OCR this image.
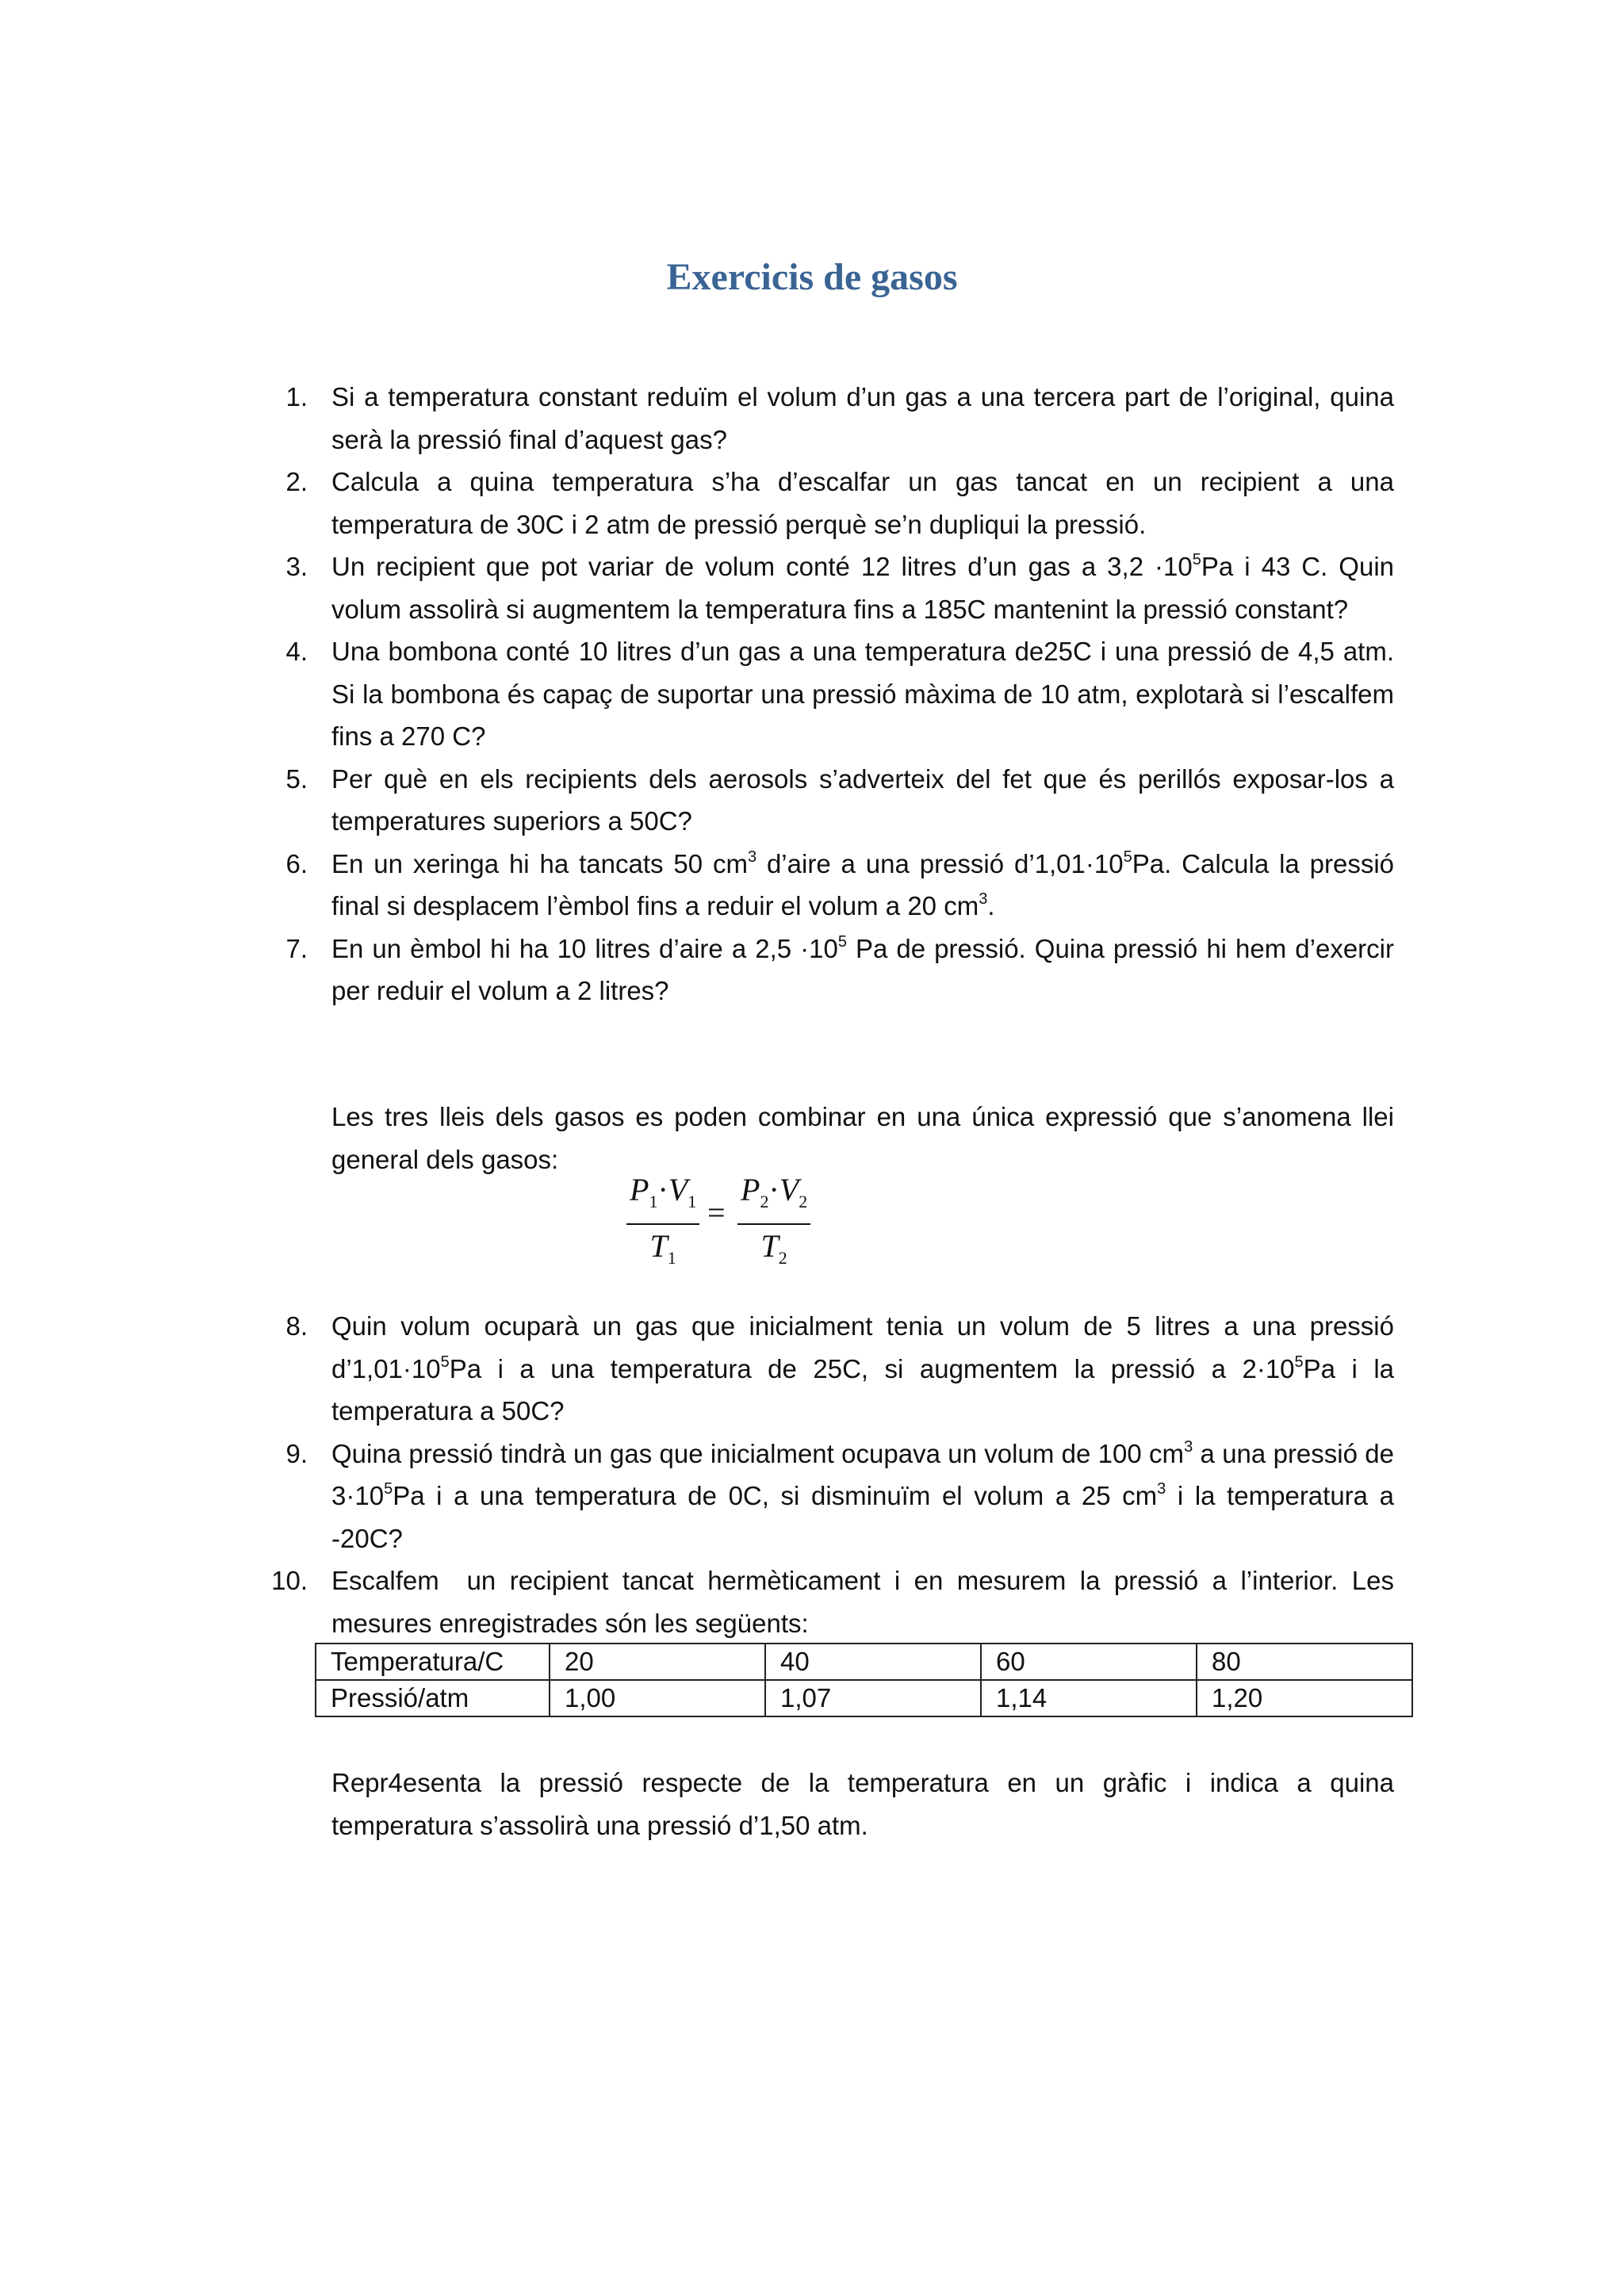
Exercicis de gasos
1. Si a temperatura constant reduïm el volum d’un gas a una tercera part de l’original, quina serà la pressió final d’aquest gas?
2. Calcula a quina temperatura s’ha d’escalfar un gas tancat en un recipient a una temperatura de 30C i 2 atm de pressió perquè se’n dupliqui la pressió.
3. Un recipient que pot variar de volum conté 12 litres d’un gas a $3,2 \cdot 10^5Pa$ i 43 C. Quin volum assolirà si augmentem la temperatura fins a 185C mantenint la pressió constant?
4. Una bombona conté 10 litres d’un gas a una temperatura de25C i una pressió de 4,5 atm. Si la bombona és capaç de suportar una pressió màxima de 10 atm, explotarà si l’escalfem fins a 270 C?
5. Per què en els recipients dels aerosols s’adverteix del fet que és perillós exposar-los a temperatures superiors a 50C?
6. En un xeringa hi ha tancats 50 $cm^3$ d’aire a una pressió $d’1,01\cdot 10^5Pa$. Calcula la pressió final si desplacem l’èmbol fins a reduir el volum a 20 $cm^3$.
7. En un èmbol hi ha 10 litres d’aire a $2,5 \cdot 10^5$ Pa de pressió. Quina pressió hi hem d’exercir per reduir el volum a 2 litres?
Les tres lleis dels gasos es poden combinar en una única expressió que s’anomena llei general dels gasos:
$P_1\cdot V_1$
$T_1$
=
$P_2\cdot V_2$
$T_2$
8. Quin volum ocuparà un gas que inicialment tenia un volum de 5 litres a una pressió $d’1,01\cdot 10^5Pa$ i a una temperatura de 25C, si augmentem la pressió a $2\cdot 10^5Pa$ i la temperatura a 50C?
9. Quina pressió tindrà un gas que inicialment ocupava un volum de 100 $cm^3$ a una pressió de $3\cdot 10^5Pa$ i a una temperatura de 0C, si disminuïm el volum a 25 $cm^3$ i la temperatura a -20C?
10. Escalfem  un recipient tancat hermèticament i en mesurem la pressió a l’interior. Les mesures enregistrades són les següents:
Temperatura/C	20	40	60	80
Pressió/atm	1,00	1,07	1,14	1,20
Repr4esenta la pressió respecte de la temperatura en un gràfic i indica a quina temperatura s’assolirà una pressió d’1,50 atm.
